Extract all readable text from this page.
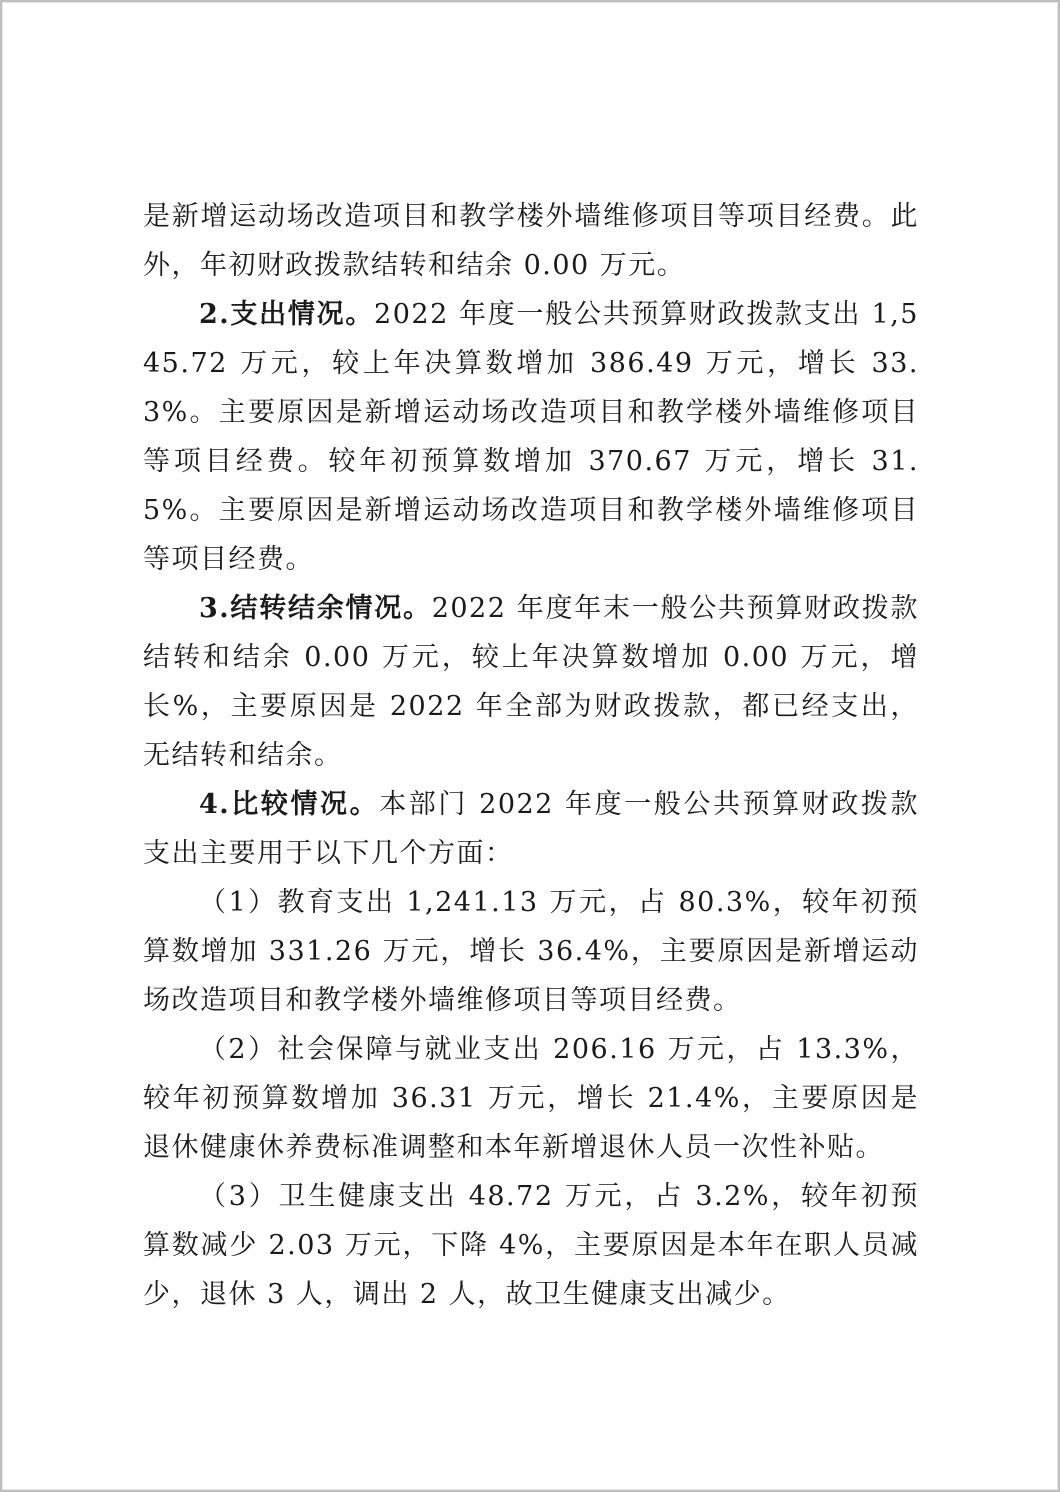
是新增运动场改造项目和教学楼外墙维修项目等项目经费。此外，年初财政拨款结转和结余 0.00 万元。

2.支出情况。2022 年度一般公共预算财政拨款支出 1,545.72 万元，较上年决算数增加 386.49 万元，增长 33.3%。主要原因是新增运动场改造项目和教学楼外墙维修项目等项目经费。较年初预算数增加 370.67 万元，增长 31.5%。主要原因是新增运动场改造项目和教学楼外墙维修项目等项目经费。

3.结转结余情况。2022 年度年末一般公共预算财政拨款结转和结余 0.00 万元，较上年决算数增加 0.00 万元，增长%，主要原因是 2022 年全部为财政拨款，都已经支出，无结转和结余。

4.比较情况。本部门 2022 年度一般公共预算财政拨款支出主要用于以下几个方面：

（1）教育支出 1,241.13 万元，占 80.3%，较年初预算数增加 331.26 万元，增长 36.4%，主要原因是新增运动场改造项目和教学楼外墙维修项目等项目经费。

（2）社会保障与就业支出 206.16 万元，占 13.3%，较年初预算数增加 36.31 万元，增长 21.4%，主要原因是退休健康休养费标准调整和本年新增退休人员一次性补贴。

（3）卫生健康支出 48.72 万元，占 3.2%，较年初预算数减少 2.03 万元，下降 4%，主要原因是本年在职人员减少，退休 3 人，调出 2 人，故卫生健康支出减少。
